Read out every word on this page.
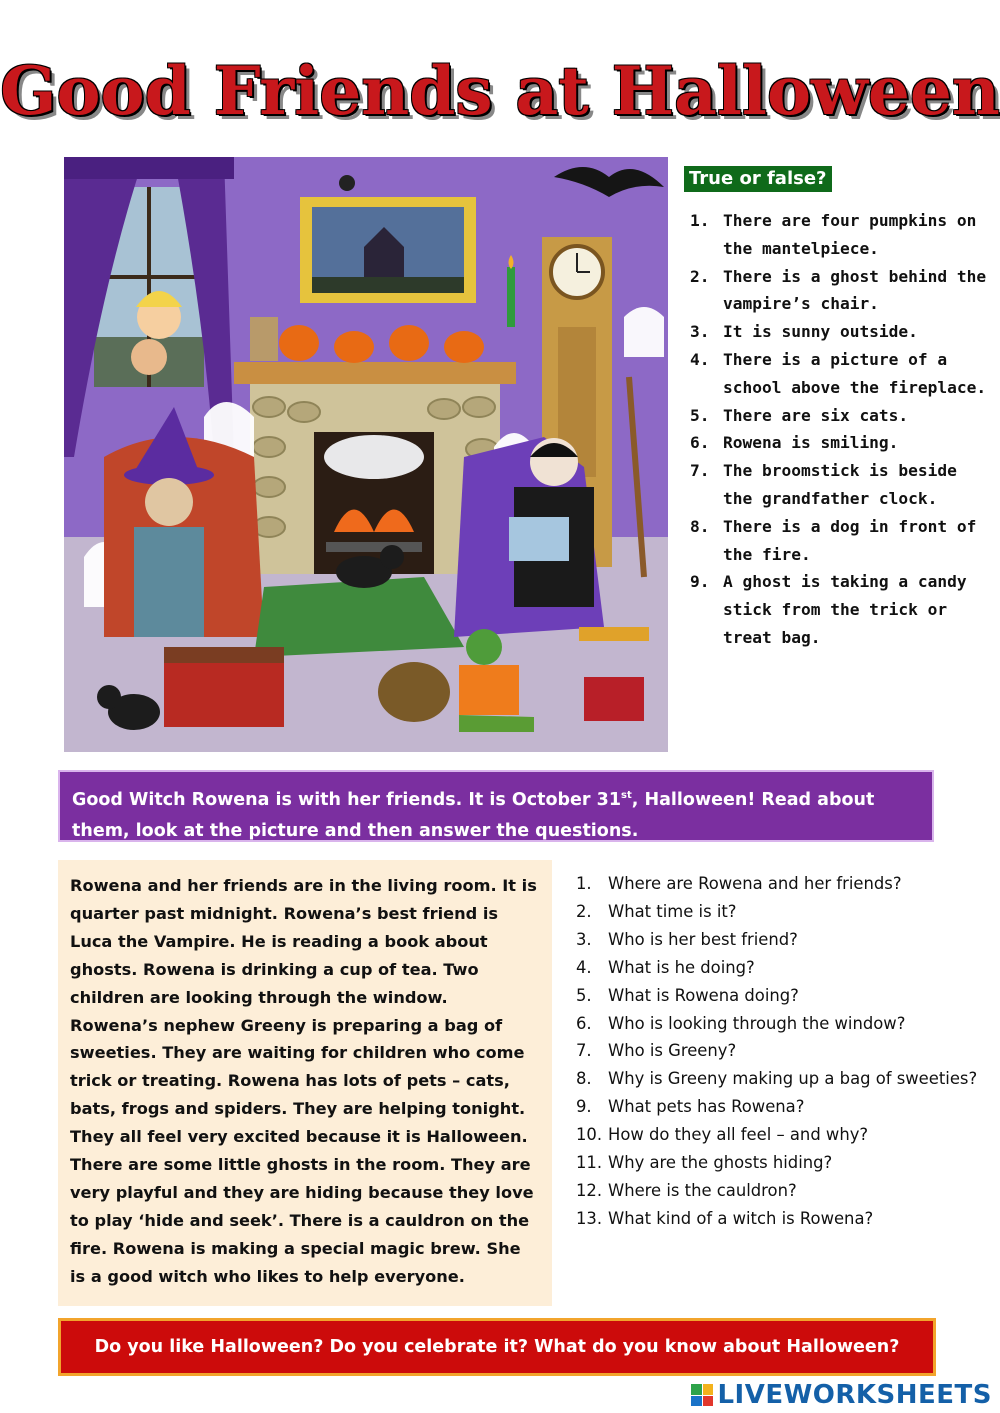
Good Friends at Halloween
True or false?
1. There are four pumpkins on the mantelpiece.
2. There is a ghost behind the vampire’s chair.
3. It is sunny outside.
4. There is a picture of a school above the fireplace.
5. There are six cats.
6. Rowena is smiling.
7. The broomstick is beside the grandfather clock.
8. There is a dog in front of the fire.
9. A ghost is taking a candy stick from the trick or treat bag.
Good Witch Rowena is with her friends. It is October 31st, Halloween! Read about them, look at the picture and then answer the questions.
Rowena and her friends are in the living room. It is quarter past midnight. Rowena’s best friend is Luca the Vampire. He is reading a book about ghosts. Rowena is drinking a cup of tea. Two children are looking through the window. Rowena’s nephew Greeny is preparing a bag of sweeties. They are waiting for children who come trick or treating. Rowena has lots of pets – cats, bats, frogs and spiders. They are helping tonight. They all feel very excited because it is Halloween. There are some little ghosts in the room. They are very playful and they are hiding because they love to play ‘hide and seek’. There is a cauldron on the fire. Rowena is making a special magic brew. She is a good witch who likes to help everyone.
1. Where are Rowena and her friends?
2. What time is it?
3. Who is her best friend?
4. What is he doing?
5. What is Rowena doing?
6. Who is looking through the window?
7. Who is Greeny?
8. Why is Greeny making up a bag of sweeties?
9. What pets has Rowena?
10. How do they all feel – and why?
11. Why are the ghosts hiding?
12. Where is the cauldron?
13. What kind of a witch is Rowena?
Do you like Halloween? Do you celebrate it? What do you know about Halloween?
LIVEWORKSHEETS
